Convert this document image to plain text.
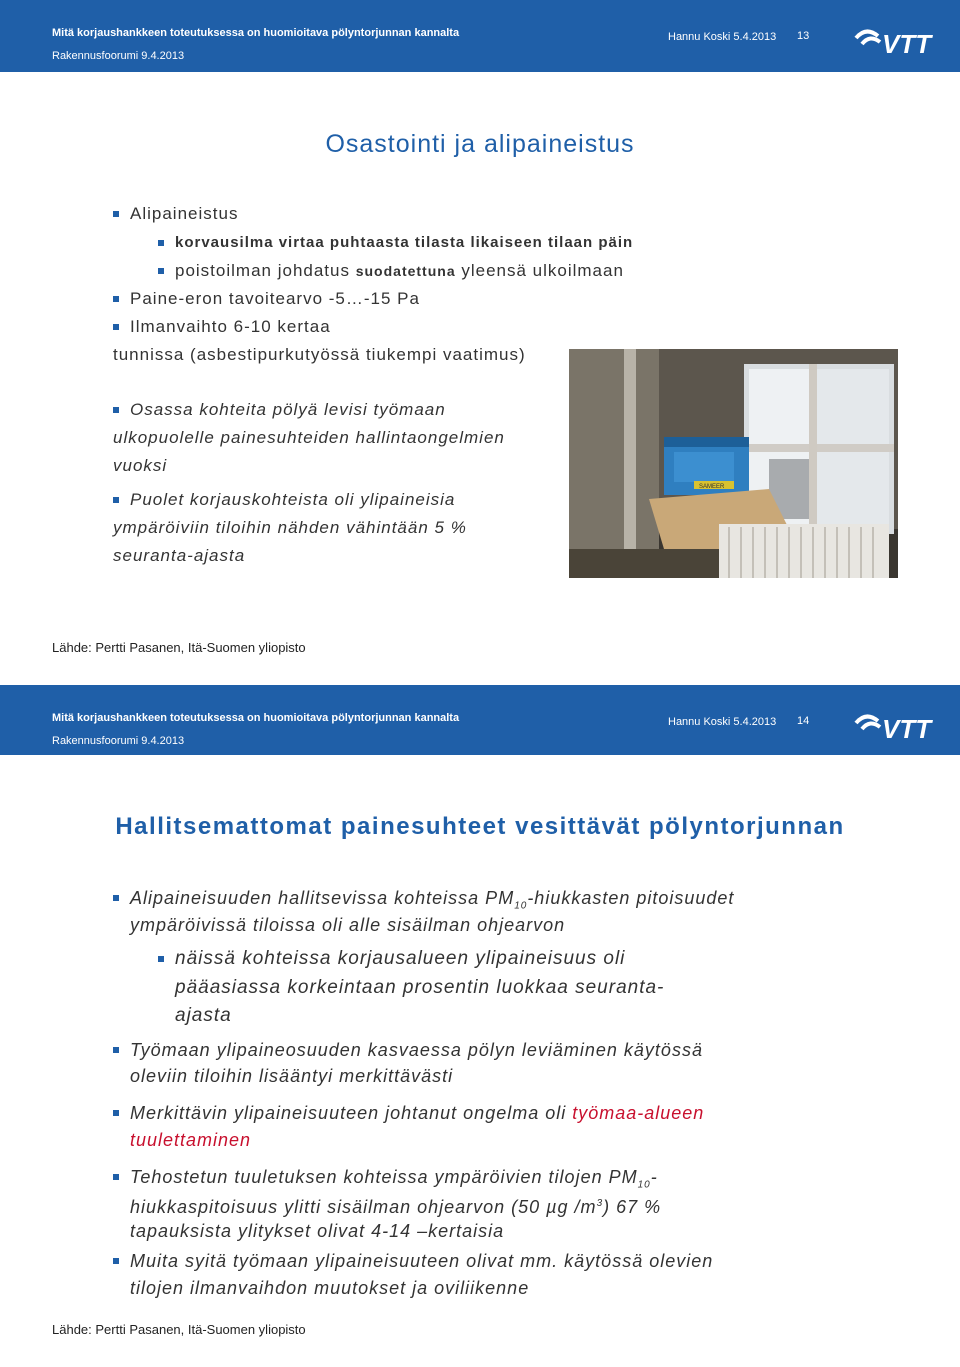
Mitä korjaushankkeen toteutuksessa on huomioitava pölyntorjunnan kannalta
Rakennusfoorumi 9.4.2013
Hannu Koski 5.4.2013 13	VTT
Osastointi ja alipaineistus
Alipaineistus
korvausilma virtaa puhtaasta tilasta likaiseen tilaan päin
poistoilman johdatus suodatettuna yleensä ulkoilmaan
Paine-eron tavoitearvo -5…-15 Pa
Ilmanvaihto 6-10 kertaa
tunnissa (asbestipurkutyössä tiukempi vaatimus)
Osassa kohteita pölyä levisi työmaan
ulkopuolelle painesuhteiden hallintaongelmien
vuoksi
Puolet korjauskohteista oli ylipaineisia
ympäröiviin tiloihin nähden vähintään 5 %
seuranta-ajasta
SAMEER
Lähde: Pertti Pasanen, Itä-Suomen yliopisto
Mitä korjaushankkeen toteutuksessa on huomioitava pölyntorjunnan kannalta
Rakennusfoorumi 9.4.2013
Hannu Koski 5.4.2013 14	VTT
Hallitsemattomat painesuhteet vesittävät pölyntorjunnan
Alipaineisuuden hallitsevissa kohteissa $PM_{10}$-hiukkasten pitoisuudet
ympäröivissä tiloissa oli alle sisäilman ohjearvon
näissä kohteissa korjausalueen ylipaineisuus oli
pääasiassa korkeintaan prosentin luokkaa seuranta-
ajasta
Työmaan ylipaineosuuden kasvaessa pölyn leviäminen käytössä
oleviin tiloihin lisääntyi merkittävästi
Merkittävin ylipaineisuuteen johtanut ongelma oli työmaa-alueen
tuulettaminen
Tehostetun tuuletuksen kohteissa ympäröivien tilojen $PM_{10}-$
hiukkaspitoisuus ylitti sisäilman ohjearvon (50 µg $/m^3$) 67 %
tapauksista ylitykset olivat 4-14 –kertaisia
Muita syitä työmaan ylipaineisuuteen olivat mm. käytössä olevien
tilojen ilmanvaihdon muutokset ja oviliikenne
Lähde: Pertti Pasanen, Itä-Suomen yliopisto
